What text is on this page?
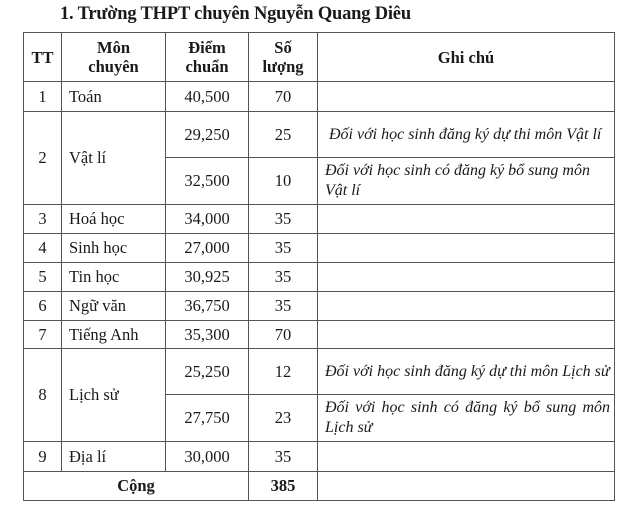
1. Trường THPT chuyên Nguyễn Quang Diêu
TT	Môn chuyên	Điểm chuẩn	Số lượng	Ghi chú
1	Toán	40,500	70	
2	Vật lí	29,250	25	Đối với học sinh đăng ký dự thi môn Vật lí
		32,500	10	Đối với học sinh có đăng ký bổ sung môn Vật lí
3	Hoá học	34,000	35	
4	Sinh học	27,000	35	
5	Tin học	30,925	35	
6	Ngữ văn	36,750	35	
7	Tiếng Anh	35,300	70	
8	Lịch sử	25,250	12	Đối với học sinh đăng ký dự thi môn Lịch sử
		27,750	23	Đối với học sinh có đăng ký bổ sung môn Lịch sử
9	Địa lí	30,000	35	
Cộng			385	
